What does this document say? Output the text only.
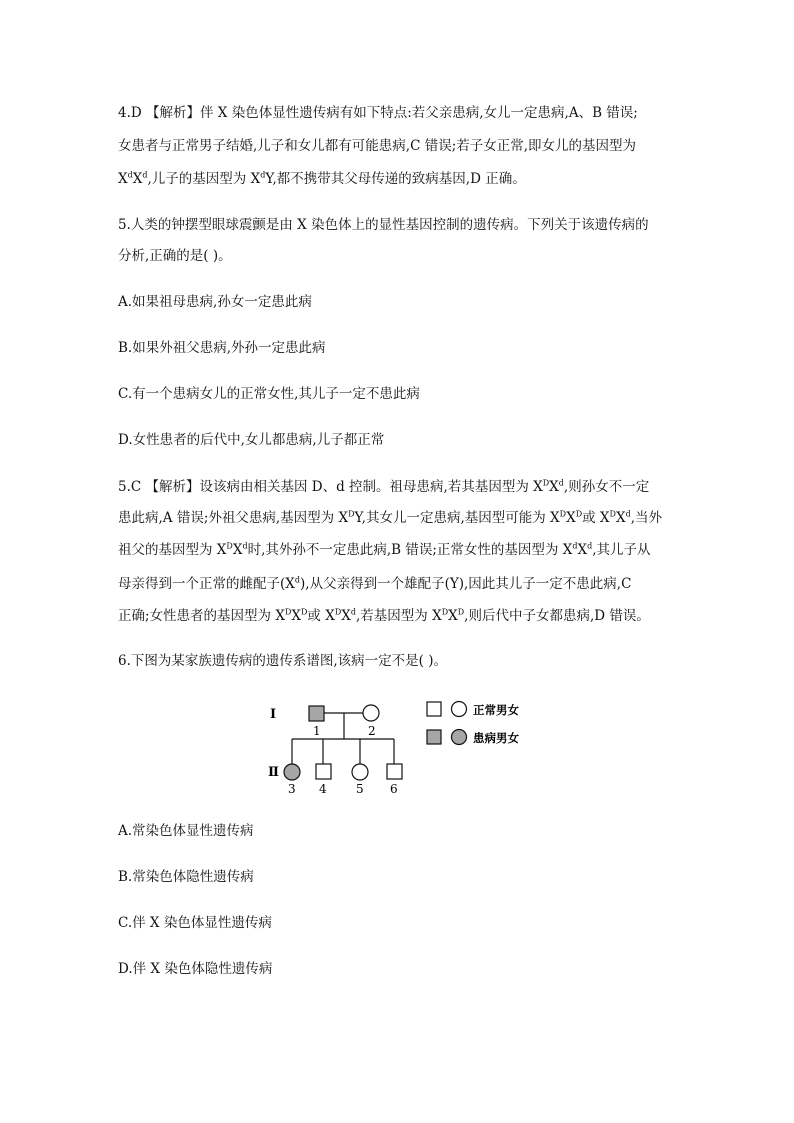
4.D 【解析】伴 X 染色体显性遗传病有如下特点:若父亲患病,女儿一定患病,A、B 错误;
女患者与正常男子结婚,儿子和女儿都有可能患病,C 错误;若子女正常,即女儿的基因型为
$X^dX^d$,儿子的基因型为 $X^dY$,都不携带其父母传递的致病基因,D 正确。
5.人类的钟摆型眼球震颤是由 X 染色体上的显性基因控制的遗传病。下列关于该遗传病的
分析,正确的是( )。
A.如果祖母患病,孙女一定患此病
B.如果外祖父患病,外孙一定患此病
C.有一个患病女儿的正常女性,其儿子一定不患此病
D.女性患者的后代中,女儿都患病,儿子都正常
5.C 【解析】设该病由相关基因 D、d 控制。祖母患病,若其基因型为 $X^DX^d$,则孙女不一定
患此病,A 错误;外祖父患病,基因型为 $X^DY$,其女儿一定患病,基因型可能为 $X^DX^D$或 $X^DX^d$,当外
祖父的基因型为 $X^DX^d$时,其外孙不一定患此病,B 错误;正常女性的基因型为 $X^dX^d$,其儿子从
母亲得到一个正常的雌配子$(X^d)$,从父亲得到一个雄配子(Y),因此其儿子一定不患此病,C
正确;女性患者的基因型为 $X^DX^D$或 $X^DX^d$,若基因型为 $X^DX^D$,则后代中子女都患病,D 错误。
6.下图为某家族遗传病的遗传系谱图,该病一定不是( )。
Ⅰ
Ⅱ
1	2
3 4 5 6
正常男女
患病男女
A.常染色体显性遗传病
B.常染色体隐性遗传病
C.伴 X 染色体显性遗传病
D.伴 X 染色体隐性遗传病
